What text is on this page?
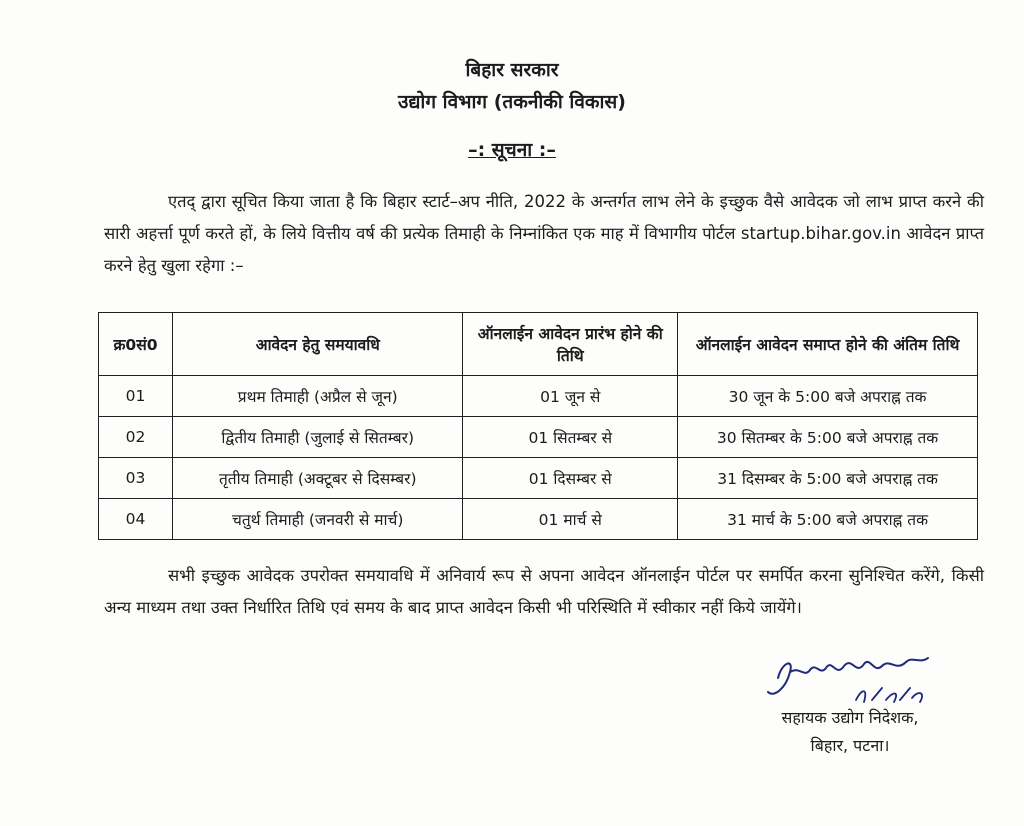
बिहार सरकार
उद्योग विभाग (तकनीकी विकास)
–: सूचना :–
एतद् द्वारा सूचित किया जाता है कि बिहार स्टार्ट–अप नीति, 2022 के अन्तर्गत लाभ लेने के इच्छुक वैसे आवेदक जो लाभ प्राप्त करने की सारी अहर्त्ता पूर्ण करते हों, के लिये वित्तीय वर्ष की प्रत्येक तिमाही के निम्नांकित एक माह में विभागीय पोर्टल startup.bihar.gov.in आवेदन प्राप्त करने हेतु खुला रहेगा :–
क्र0सं0	आवेदन हेतु समयावधि	ऑनलाईन आवेदन प्रारंभ होने की तिथि	ऑनलाईन आवेदन समाप्त होने की अंतिम तिथि
01	प्रथम तिमाही (अप्रैल से जून)	01 जून से	30 जून के 5:00 बजे अपराह्न तक
02	द्वितीय तिमाही (जुलाई से सितम्बर)	01 सितम्बर से	30 सितम्बर के 5:00 बजे अपराह्न तक
03	तृतीय तिमाही (अक्टूबर से दिसम्बर)	01 दिसम्बर से	31 दिसम्बर के 5:00 बजे अपराह्न तक
04	चतुर्थ तिमाही (जनवरी से मार्च)	01 मार्च से	31 मार्च के 5:00 बजे अपराह्न तक
सभी इच्छुक आवेदक उपरोक्त समयावधि में अनिवार्य रूप से अपना आवेदन ऑनलाईन पोर्टल पर समर्पित करना सुनिश्चित करेंगे, किसी अन्य माध्यम तथा उक्त निर्धारित तिथि एवं समय के बाद प्राप्त आवेदन किसी भी परिस्थिति में स्वीकार नहीं किये जायेंगे।
सहायक उद्योग निदेशक,
बिहार, पटना।
